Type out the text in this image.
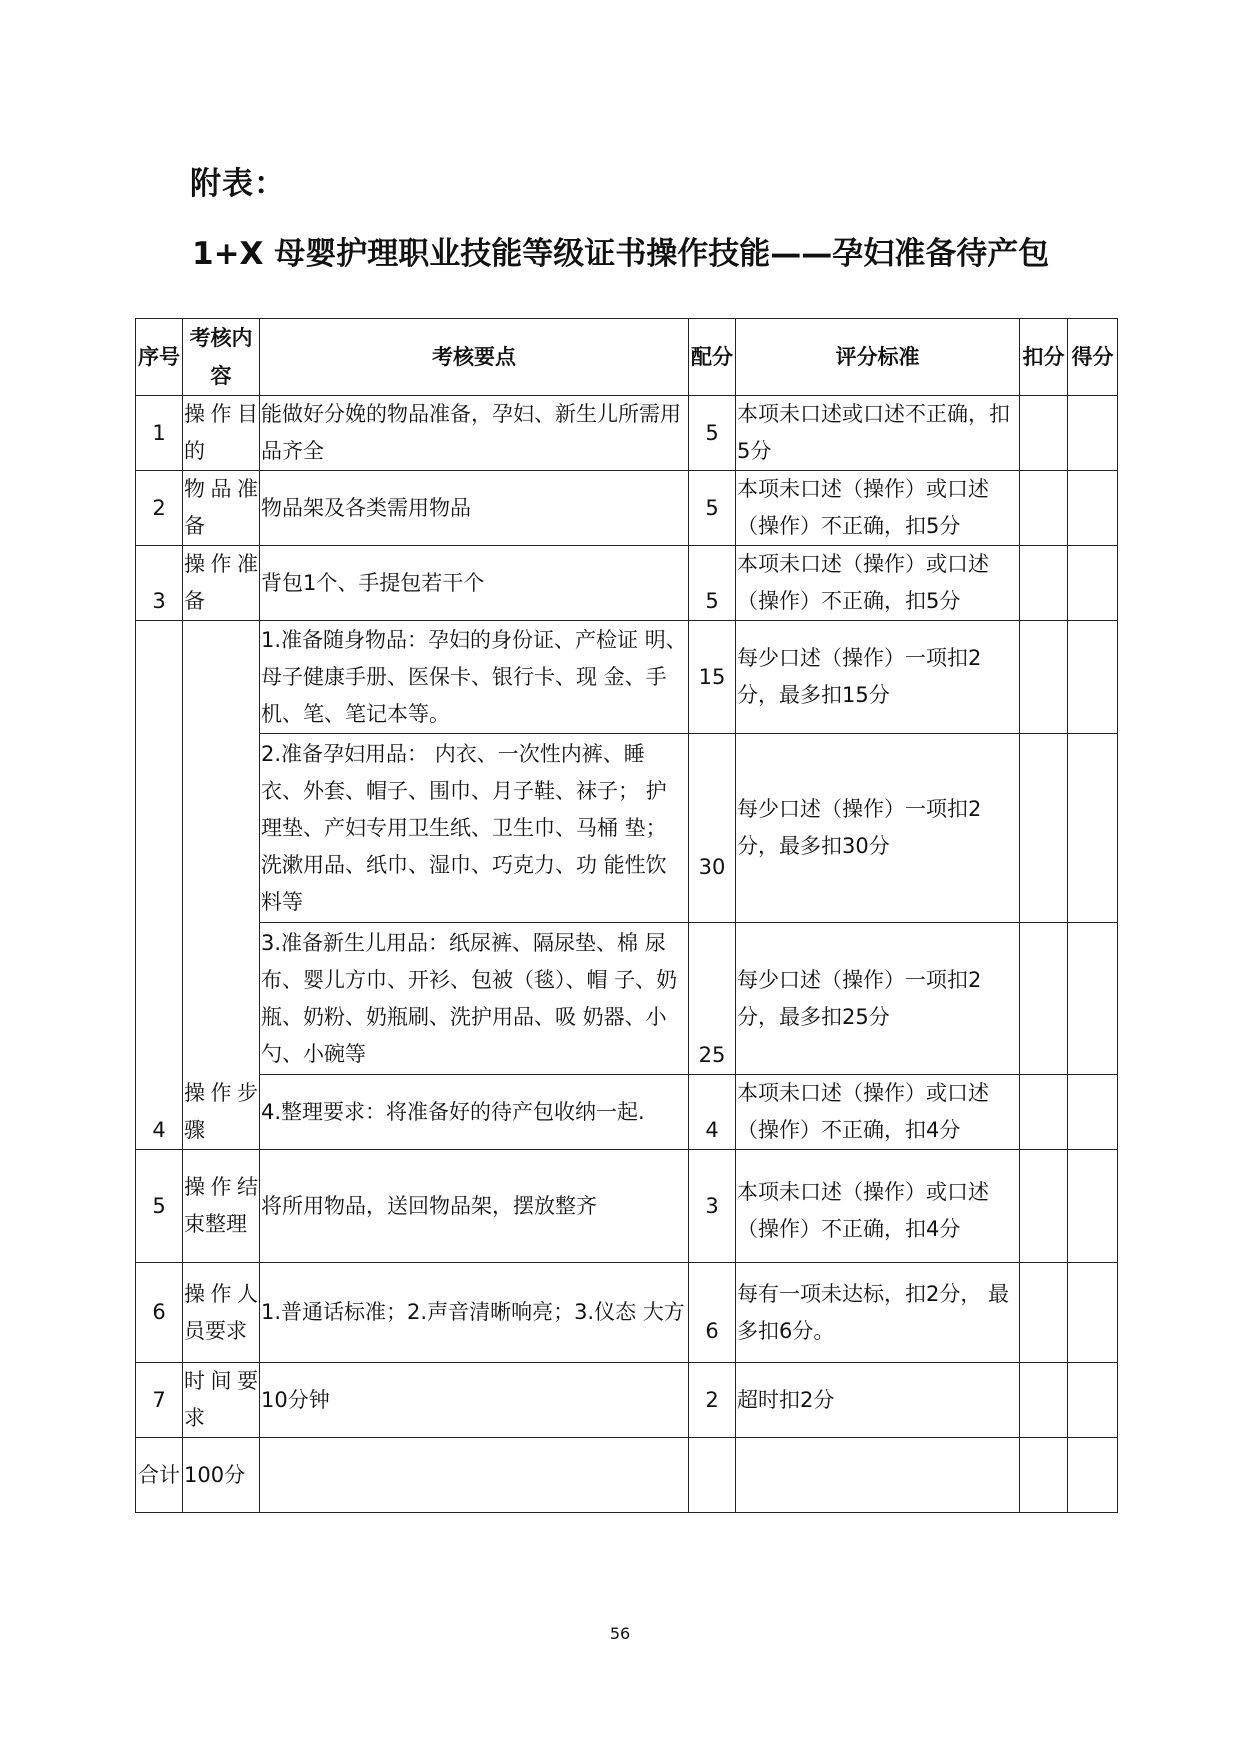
附表：
1+X 母婴护理职业技能等级证书操作技能——孕妇准备待产包
序号	考核内容	考核要点	配分	评分标准	扣分	得分
1	操作目的	能做好分娩的物品准备，孕妇、新生儿所需用品齐全	5	本项未口述或口述不正确，扣5分		
2	物品准备	物品架及各类需用物品	5	本项未口述（操作）或口述（操作）不正确，扣5分		
3	操作准备	背包1个、手提包若干个	5	本项未口述（操作）或口述（操作）不正确，扣5分		
4	操作步骤	1.准备随身物品：孕妇的身份证、产检证 明、母子健康手册、医保卡、银行卡、现 金、手机、笔、笔记本等。	15	每少口述（操作）一项扣2 分，最多扣15分		
		2.准备孕妇用品： 内衣、一次性内裤、睡 衣、外套、帽子、围巾、月子鞋、袜子； 护理垫、产妇专用卫生纸、卫生巾、马桶 垫；洗漱用品、纸巾、湿巾、巧克力、功 能性饮料等	30	每少口述（操作）一项扣2 分，最多扣30分		
		3.准备新生儿用品：纸尿裤、隔尿垫、棉 尿布、婴儿方巾、开衫、包被（毯）、帽 子、奶瓶、奶粉、奶瓶刷、洗护用品、吸 奶器、小勺、小碗等	25	每少口述（操作）一项扣2 分，最多扣25分		
		4.整理要求：将准备好的待产包收纳一起.	4	本项未口述（操作）或口述（操作）不正确，扣4分		
5	操作结束整理	将所用物品，送回物品架，摆放整齐	3	本项未口述（操作）或口述（操作）不正确，扣4分		
6	操作人员要求	1.普通话标准；2.声音清晰响亮；3.仪态 大方	6	每有一项未达标，扣2分， 最多扣6分。		
7	时间要求	10分钟	2	超时扣2分		
合计	100分					
56
